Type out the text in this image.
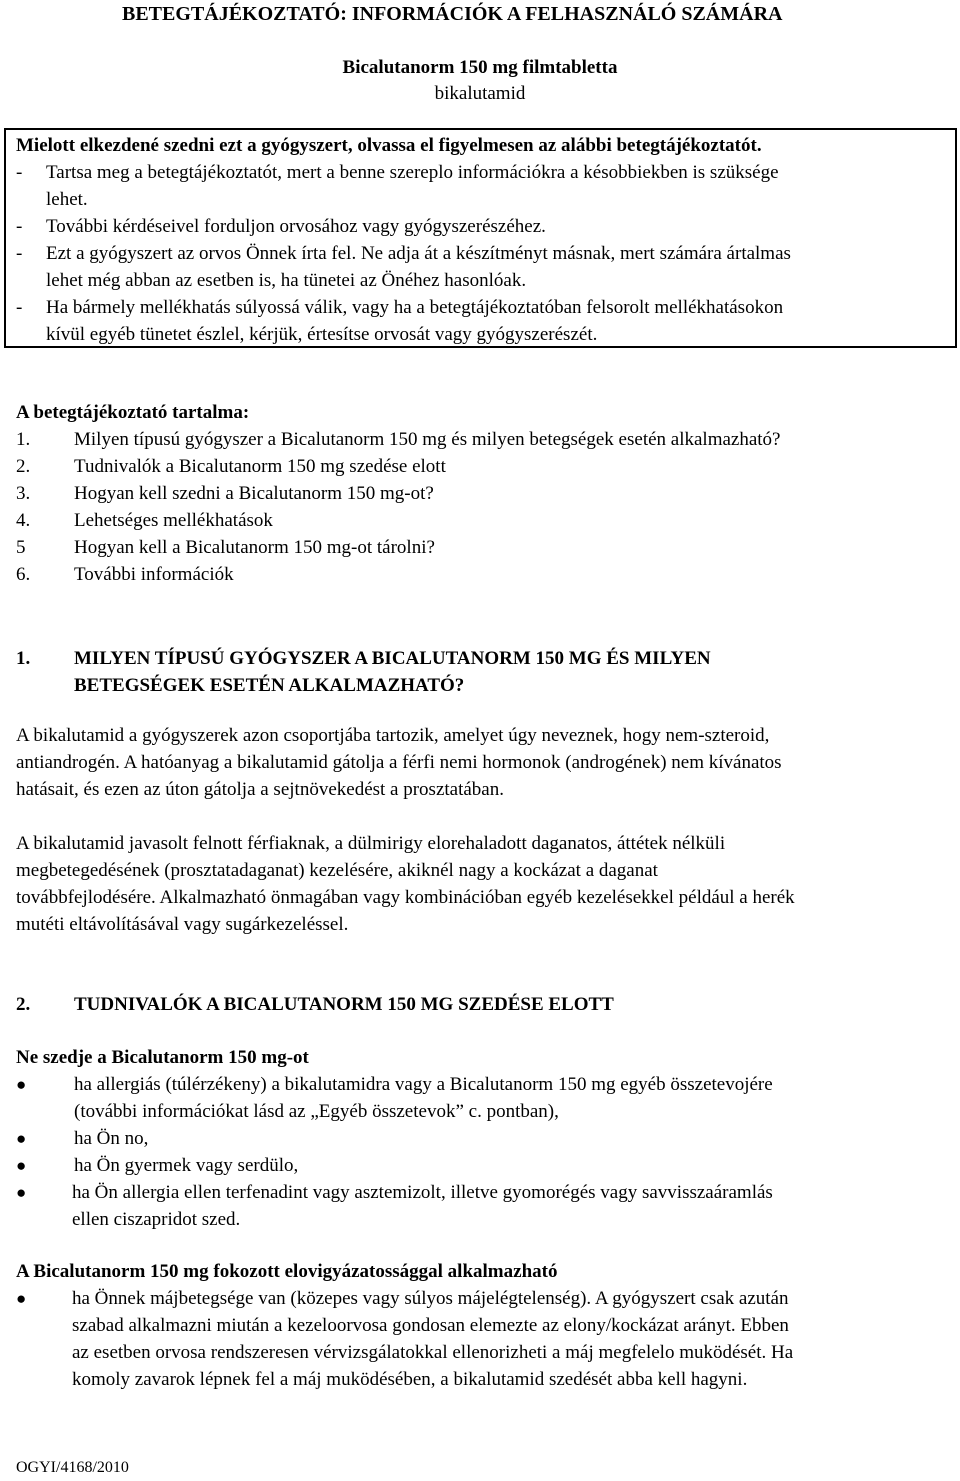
BETEGTÁJÉKOZTATÓ: INFORMÁCIÓK A FELHASZNÁLÓ SZÁMÁRA
Bicalutanorm 150 mg filmtabletta
bikalutamid
Mielott elkezdené szedni ezt a gyógyszert, olvassa el figyelmesen az alábbi betegtájékoztatót.
- Tartsa meg a betegtájékoztatót, mert a benne szereplo információkra a késobbiekben is szüksége
lehet.
- További kérdéseivel forduljon orvosához vagy gyógyszerészéhez.
- Ezt a gyógyszert az orvos Önnek írta fel. Ne adja át a készítményt másnak, mert számára ártalmas
lehet még abban az esetben is, ha tünetei az Önéhez hasonlóak.
- Ha bármely mellékhatás súlyossá válik, vagy ha a betegtájékoztatóban felsorolt mellékhatásokon
kívül egyéb tünetet észlel, kérjük, értesítse orvosát vagy gyógyszerészét.
A betegtájékoztató tartalma:
1. Milyen típusú gyógyszer a Bicalutanorm 150 mg és milyen betegségek esetén alkalmazható?
2. Tudnivalók a Bicalutanorm 150 mg szedése elott
3. Hogyan kell szedni a Bicalutanorm 150 mg-ot?
4. Lehetséges mellékhatások
5	Hogyan kell a Bicalutanorm 150 mg-ot tárolni?
6. További információk
1. MILYEN TÍPUSÚ GYÓGYSZER A BICALUTANORM 150 MG ÉS MILYEN
BETEGSÉGEK ESETÉN ALKALMAZHATÓ?
A bikalutamid a gyógyszerek azon csoportjába tartozik, amelyet úgy neveznek, hogy nem-szteroid,
antiandrogén. A hatóanyag a bikalutamid gátolja a férfi nemi hormonok (androgének) nem kívánatos
hatásait, és ezen az úton gátolja a sejtnövekedést a prosztatában.
A bikalutamid javasolt felnott férfiaknak, a dülmirigy elorehaladott daganatos, áttétek nélküli
megbetegedésének (prosztatadaganat) kezelésére, akiknél nagy a kockázat a daganat
továbbfejlodésére. Alkalmazható önmagában vagy kombinációban egyéb kezelésekkel például a herék
mutéti eltávolításával vagy sugárkezeléssel.
2. TUDNIVALÓK A BICALUTANORM 150 MG SZEDÉSE ELOTT
Ne szedje a Bicalutanorm 150 mg-ot
●	ha allergiás (túlérzékeny) a bikalutamidra vagy a Bicalutanorm 150 mg egyéb összetevojére
(további információkat lásd az „Egyéb összetevok” c. pontban),
●	ha Ön no,
●	ha Ön gyermek vagy serdülo,
● ha Ön allergia ellen terfenadint vagy asztemizolt, illetve gyomorégés vagy savvisszaáramlás
ellen ciszapridot szed.
A Bicalutanorm 150 mg fokozott elovigyázatossággal alkalmazható
● ha Önnek májbetegsége van (közepes vagy súlyos májelégtelenség). A gyógyszert csak azután
szabad alkalmazni miután a kezeloorvosa gondosan elemezte az elony/kockázat arányt. Ebben
az esetben orvosa rendszeresen vérvizsgálatokkal ellenorizheti a máj megfelelo muködését. Ha
komoly zavarok lépnek fel a máj muködésében, a bikalutamid szedését abba kell hagyni.
OGYI/4168/2010
